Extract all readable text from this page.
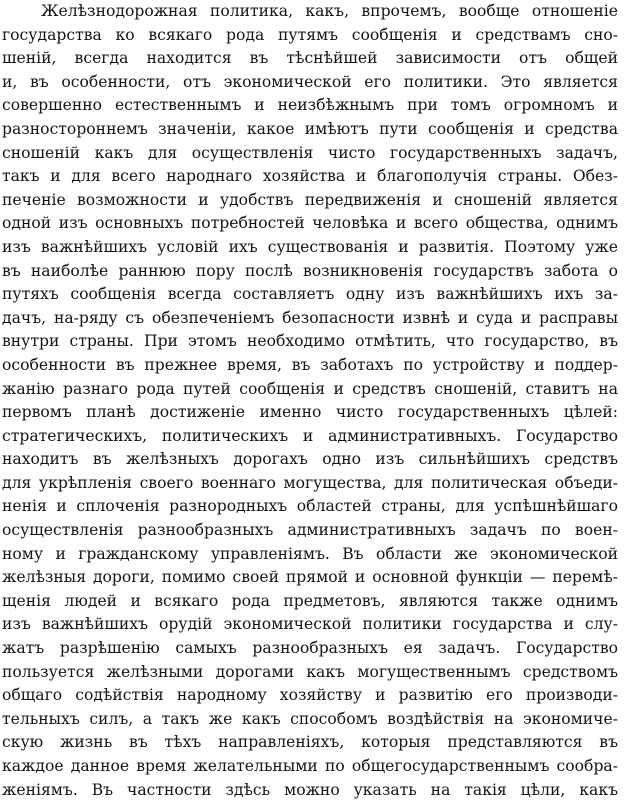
Желѣзнодорожная политика, какъ, впрочемъ, вообще отношеніе
государства ко всякаго рода путямъ сообщенія и средствамъ сно-
шеній, всегда находится въ тѣснѣйшей зависимости отъ общей
и, въ особенности, отъ экономической его политики. Это является
совершенно естественнымъ и неизбѣжнымъ при томъ огромномъ и
разностороннемъ значеніи, какое имѣютъ пути сообщенія и средства
сношеній какъ для осуществленія чисто государственныхъ задачъ,
такъ и для всего народнаго хозяйства и благополучія страны. Обез-
печеніе возможности и удобствъ передвиженія и сношеній является
одной изъ основныхъ потребностей человѣка и всего общества, однимъ
изъ важнѣйшихъ условій ихъ существованія и развитія. Поэтому уже
въ наиболѣе раннюю пору послѣ возникновенія государствъ забота о
путяхъ сообщенія всегда составляетъ одну изъ важнѣйшихъ ихъ за-
дачъ, на-ряду съ обезпеченіемъ безопасности извнѣ и суда и расправы
внутри страны. При этомъ необходимо отмѣтить, что государство, въ
особенности въ прежнее время, въ заботахъ по устройству и поддер-
жанію разнаго рода путей сообщенія и средствъ сношеній, ставитъ на
первомъ планѣ достиженіе именно чисто государственныхъ цѣлей:
стратегическихъ, политическихъ и административныхъ. Государство
находитъ въ желѣзныхъ дорогахъ одно изъ сильнѣйшихъ средствъ
для укрѣпленія своего военнаго могущества, для политическая объеди-
ненія и сплоченія разнородныхъ областей страны, для успѣшнѣйшаго
осуществленія разнообразныхъ административныхъ задачъ по воен-
ному и гражданскому управленіямъ. Въ области же экономической
желѣзныя дороги, помимо своей прямой и основной функціи — перемѣ-
щенія людей и всякаго рода предметовъ, являются также однимъ
изъ важнѣйшихъ орудій экономической политики государства и слу-
жатъ разрѣшенію самыхъ разнообразныхъ ея задачъ. Государство
пользуется желѣзными дорогами какъ могущественнымъ средствомъ
общаго содѣйствія народному хозяйству и развитію его производи-
тельныхъ силъ, а такъ же какъ способомъ воздѣйствія на экономиче-
скую жизнь въ тѣхъ направленіяхъ, которыя представляются въ
каждое данное время желательными по общегосударственнымъ сообра-
женіямъ. Въ частности здѣсь можно указать на такія цѣли, какъ
